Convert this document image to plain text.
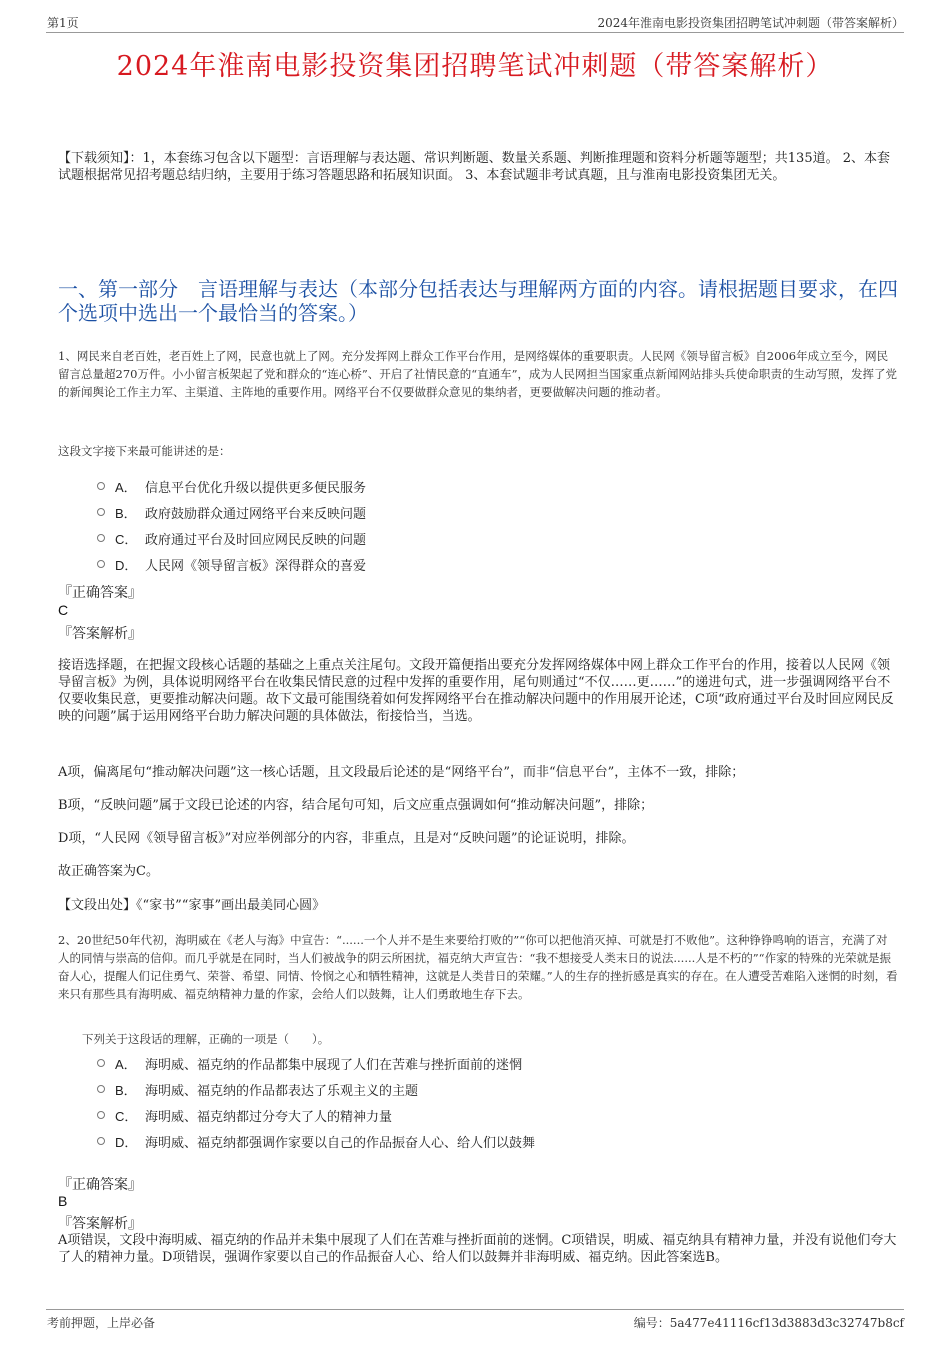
第1页	2024年淮南电影投资集团招聘笔试冲刺题（带答案解析）
2024年淮南电影投资集团招聘笔试冲刺题（带答案解析）
【下载须知】：1，本套练习包含以下题型：言语理解与表达题、常识判断题、数量关系题、判断推理题和资料分析题等题型；共135道。 2、本套试题根据常见招考题总结归纳，主要用于练习答题思路和拓展知识面。 3、本套试题非考试真题，且与淮南电影投资集团无关。
一、第一部分　言语理解与表达（本部分包括表达与理解两方面的内容。请根据题目要求，在四个选项中选出一个最恰当的答案。）
1、网民来自老百姓，老百姓上了网，民意也就上了网。充分发挥网上群众工作平台作用，是网络媒体的重要职责。人民网《领导留言板》自2006年成立至今，网民留言总量超270万件。小小留言板架起了党和群众的“连心桥”、开启了社情民意的“直通车”，成为人民网担当国家重点新闻网站排头兵使命职责的生动写照，发挥了党的新闻舆论工作主力军、主渠道、主阵地的重要作用。网络平台不仅要做群众意见的集纳者，更要做解决问题的推动者。
这段文字接下来最可能讲述的是：
A． 信息平台优化升级以提供更多便民服务
B． 政府鼓励群众通过网络平台来反映问题
C． 政府通过平台及时回应网民反映的问题
D． 人民网《领导留言板》深得群众的喜爱
『正确答案』
C
『答案解析』
接语选择题，在把握文段核心话题的基础之上重点关注尾句。文段开篇便指出要充分发挥网络媒体中网上群众工作平台的作用，接着以人民网《领导留言板》为例，具体说明网络平台在收集民情民意的过程中发挥的重要作用，尾句则通过“不仅……更……”的递进句式，进一步强调网络平台不仅要收集民意，更要推动解决问题。故下文最可能围绕着如何发挥网络平台在推动解决问题中的作用展开论述，C项“政府通过平台及时回应网民反映的问题”属于运用网络平台助力解决问题的具体做法，衔接恰当，当选。
A项，偏离尾句“推动解决问题”这一核心话题，且文段最后论述的是“网络平台”，而非“信息平台”，主体不一致，排除；
B项，“反映问题”属于文段已论述的内容，结合尾句可知，后文应重点强调如何“推动解决问题”，排除；
D项，“人民网《领导留言板》”对应举例部分的内容，非重点，且是对“反映问题”的论证说明，排除。
故正确答案为C。
【文段出处】《“家书”“家事”画出最美同心圆》
2、20世纪50年代初，海明威在《老人与海》中宣告：“......一个人并不是生来要给打败的”“你可以把他消灭掉、可就是打不败他”。这种铮铮鸣响的语言，充满了对人的同情与崇高的信仰。而几乎就是在同时，当人们被战争的阴云所困扰，福克纳大声宣告：“我不想接受人类末日的说法......人是不朽的”“作家的特殊的光荣就是振奋人心，提醒人们记住勇气、荣誉、希望、同情、怜悯之心和牺牲精神，这就是人类昔日的荣耀。”人的生存的挫折感是真实的存在。在人遭受苦难陷入迷惘的时刻，看来只有那些具有海明威、福克纳精神力量的作家，会给人们以鼓舞，让人们勇敢地生存下去。
下列关于这段话的理解，正确的一项是（　　）。
A． 海明威、福克纳的作品都集中展现了人们在苦难与挫折面前的迷惘
B． 海明威、福克纳的作品都表达了乐观主义的主题
C． 海明威、福克纳都过分夸大了人的精神力量
D． 海明威、福克纳都强调作家要以自己的作品振奋人心、给人们以鼓舞
『正确答案』
B
『答案解析』
A项错误，文段中海明威、福克纳的作品并未集中展现了人们在苦难与挫折面前的迷惘。C项错误，明威、福克纳具有精神力量，并没有说他们夸大了人的精神力量。D项错误，强调作家要以自己的作品振奋人心、给人们以鼓舞并非海明威、福克纳。因此答案选B。
考前押题，上岸必备	编号：5a477e41116cf13d3883d3c32747b8cf
